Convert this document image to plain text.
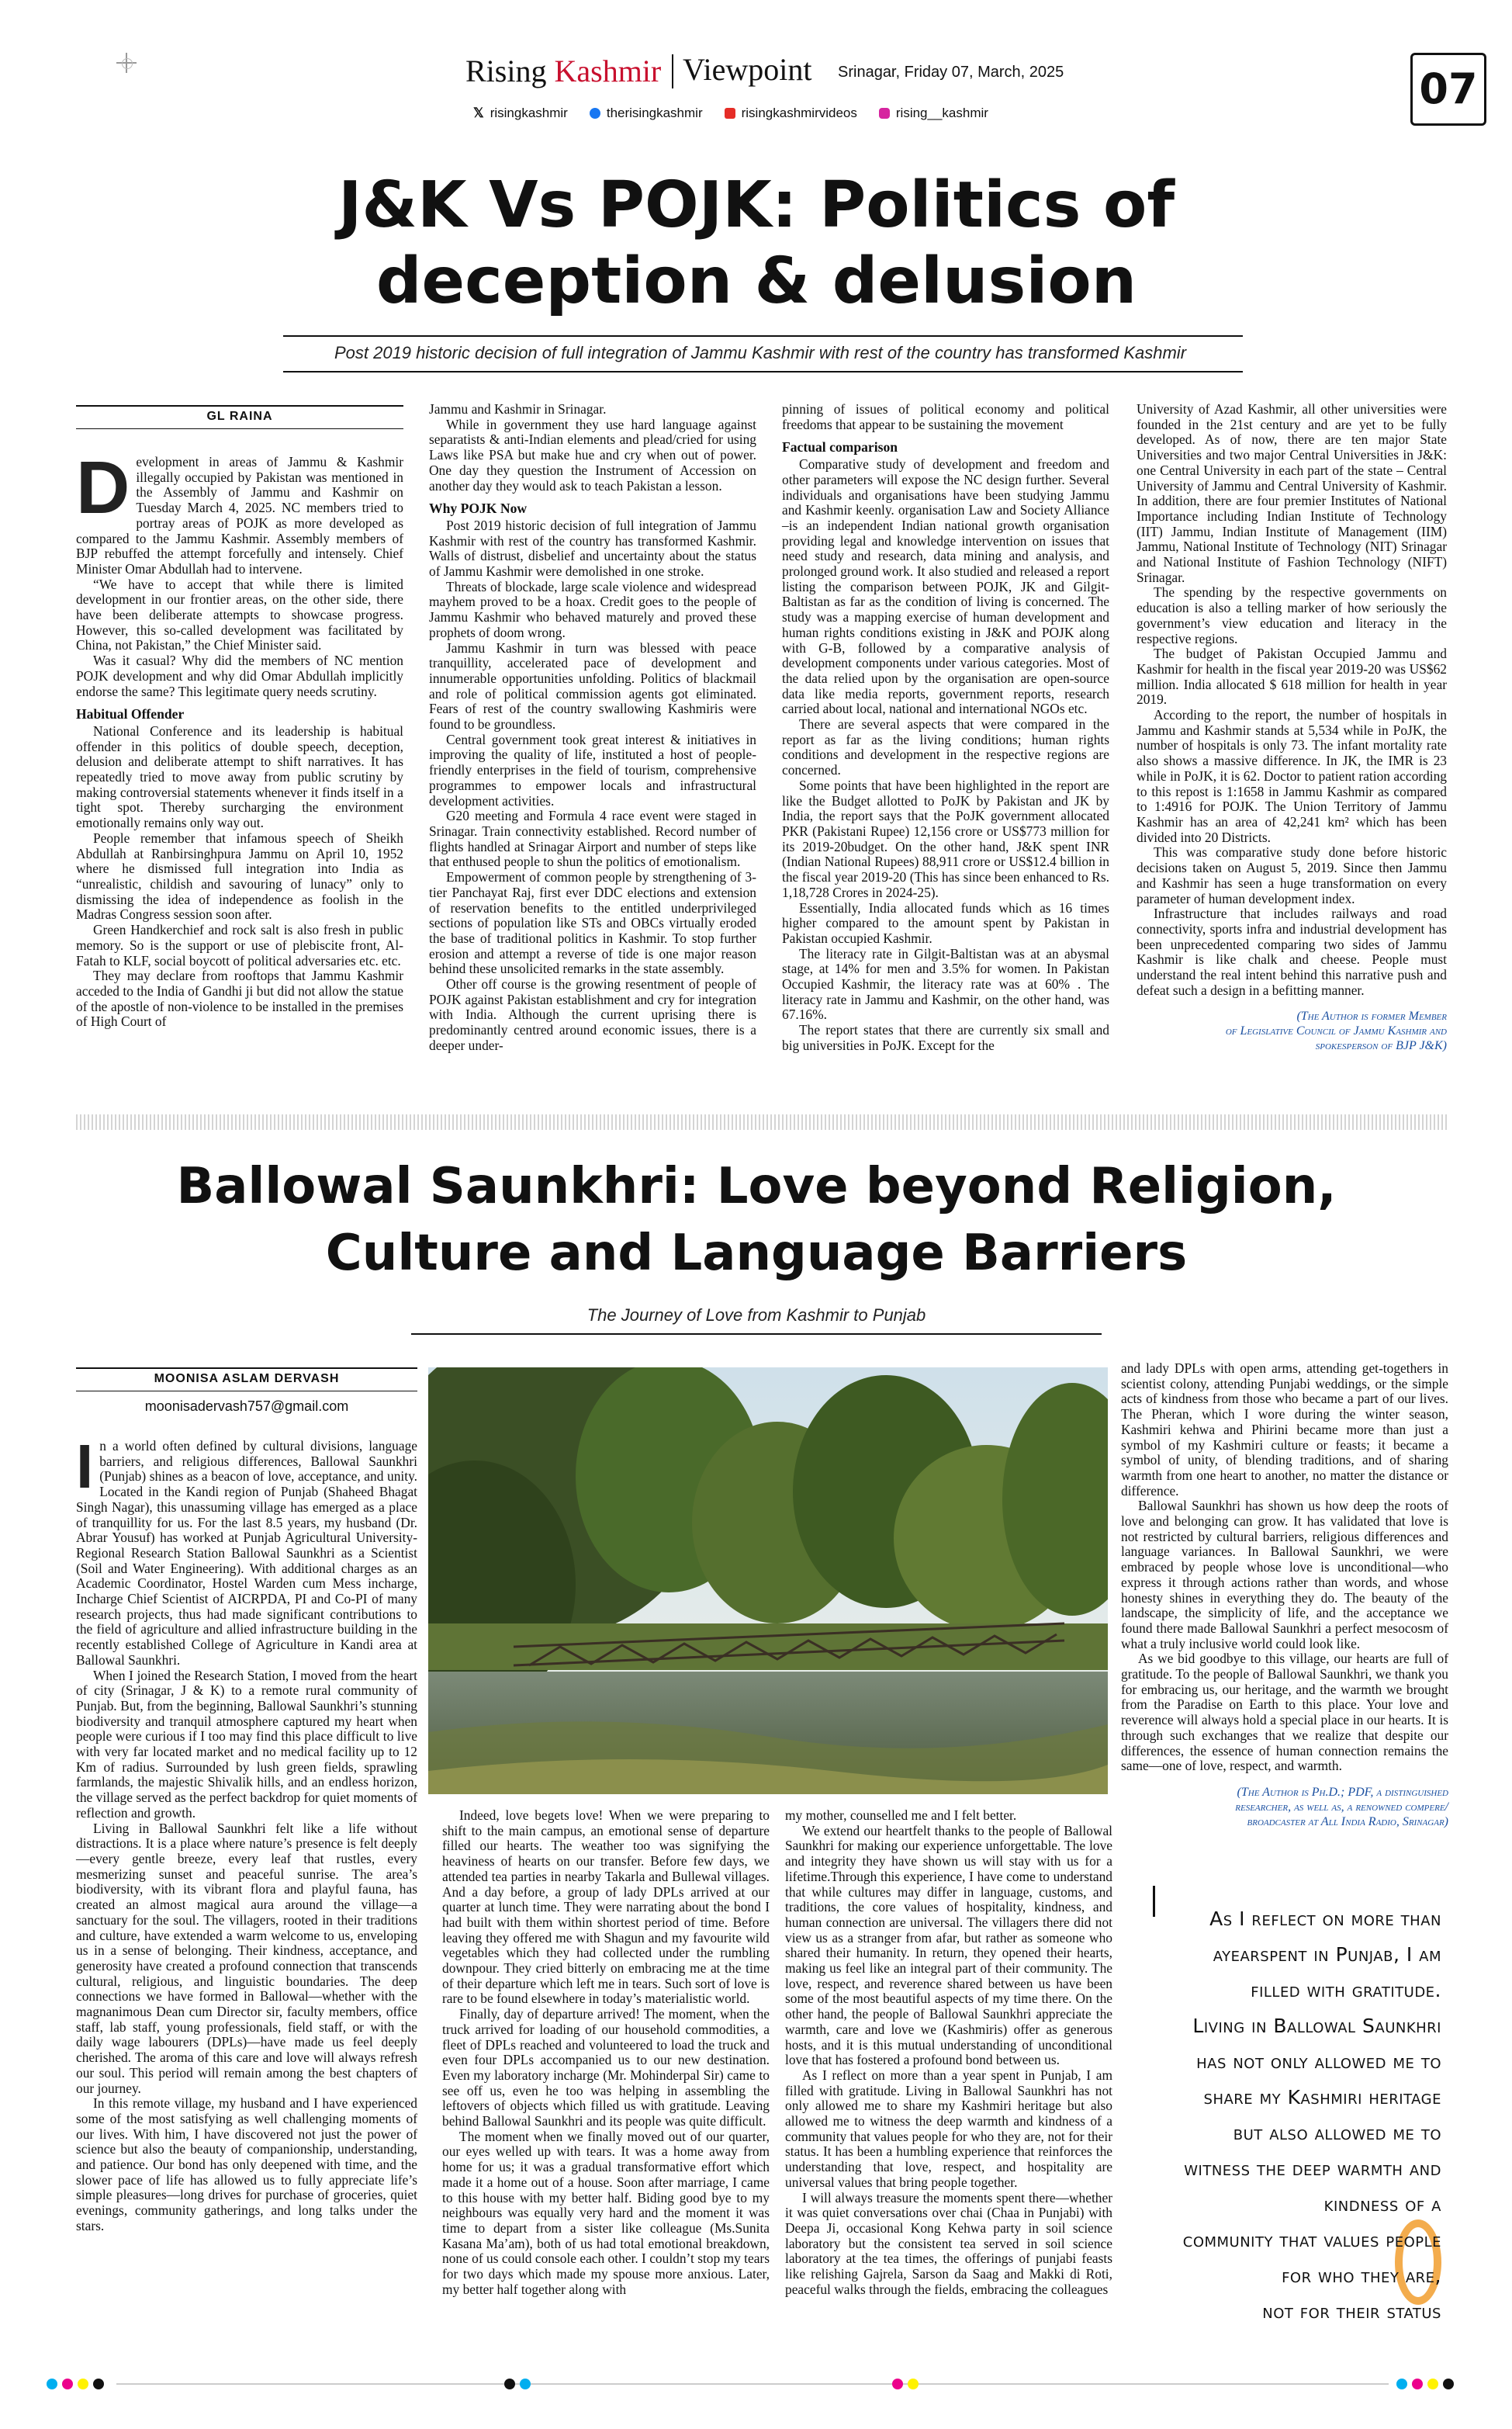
Rising Kashmir Viewpoint Srinagar, Friday 07, March, 2025
𝕏 risingkashmir	therisingkashmir	risingkashmirvideos	rising__kashmir	07
J&K Vs POJK: Politics of
deception & delusion
Post 2019 historic decision of full integration of Jammu Kashmir with rest of the country has transformed Kashmir
GL RAINA

Development in areas of Jammu & Kashmir illegally occupied by Pakistan was mentioned in the Assembly of Jammu and Kashmir on Tuesday March 4, 2025. NC members tried to portray areas of POJK as more developed as compared to the Jammu Kashmir. Assembly members of BJP rebuffed the attempt forcefully and intensely. Chief Minister Omar Abdullah had to intervene.

“We have to accept that while there is limited development in our frontier areas, on the other side, there have been deliberate attempts to showcase progress. However, this so-called development was facilitated by China, not Pakistan,” the Chief Minister said.

Was it casual? Why did the members of NC mention POJK development and why did Omar Abdullah implicitly endorse the same? This legitimate query needs scrutiny.

Habitual Offender

National Conference and its leadership is habitual offender in this politics of double speech, deception, delusion and deliberate attempt to shift narratives. It has repeatedly tried to move away from public scrutiny by making controversial statements whenever it finds itself in a tight spot. Thereby surcharging the environment emotionally remains only way out.

People remember that infamous speech of Sheikh Abdullah at Ranbirsinghpura Jammu on April 10, 1952 where he dismissed full integration into India as “unrealistic, childish and savouring of lunacy” only to dismissing the idea of independence as foolish in the Madras Congress session soon after.

Green Handkerchief and rock salt is also fresh in public memory. So is the support or use of plebiscite front, Al-Fatah to KLF, social boycott of political adversaries etc. etc.

They may declare from rooftops that Jammu Kashmir acceded to the India of Gandhi ji but did not allow the statue of the apostle of non-violence to be installed in the premises of High Court of

Jammu and Kashmir in Srinagar.

While in government they use hard language against separatists & anti-Indian elements and plead/cried for using Laws like PSA but make hue and cry when out of power. One day they question the Instrument of Accession on another day they would ask to teach Pakistan a lesson.

Why POJK Now

Post 2019 historic decision of full integration of Jammu Kashmir with rest of the country has transformed Kashmir. Walls of distrust, disbelief and uncertainty about the status of Jammu Kashmir were demolished in one stroke.

Threats of blockade, large scale violence and widespread mayhem proved to be a hoax. Credit goes to the people of Jammu Kashmir who behaved maturely and proved these prophets of doom wrong.

Jammu Kashmir in turn was blessed with peace tranquillity, accelerated pace of development and innumerable opportunities unfolding. Politics of blackmail and role of political commission agents got eliminated. Fears of rest of the country swallowing Kashmiris were found to be groundless.

Central government took great interest & initiatives in improving the quality of life, instituted a host of people-friendly enterprises in the field of tourism, comprehensive programmes to empower locals and infrastructural development activities.

G20 meeting and Formula 4 race event were staged in Srinagar. Train connectivity established. Record number of flights handled at Srinagar Airport and number of steps like that enthused people to shun the politics of emotionalism.

Empowerment of common people by strengthening of 3-tier Panchayat Raj, first ever DDC elections and extension of reservation benefits to the entitled underprivileged sections of population like STs and OBCs virtually eroded the base of traditional politics in Kashmir. To stop further erosion and attempt a reverse of tide is one major reason behind these unsolicited remarks in the state assembly.

Other off course is the growing resentment of people of POJK against Pakistan establishment and cry for integration with India. Although the current uprising there is predominantly centred around economic issues, there is a deeper under-

pinning of issues of political economy and political freedoms that appear to be sustaining the movement

Factual comparison

Comparative study of development and freedom and other parameters will expose the NC design further. Several individuals and organisations have been studying Jammu and Kashmir keenly. organisation Law and Society Alliance –is an independent Indian national growth organisation providing legal and knowledge intervention on issues that need study and research, data mining and analysis, and prolonged ground work. It also studied and released a report listing the comparison between POJK, JK and Gilgit-Baltistan as far as the condition of living is concerned. The study was a mapping exercise of human development and human rights conditions existing in J&K and POJK along with G-B, followed by a comparative analysis of development components under various categories. Most of the data relied upon by the organisation are open-source data like media reports, government reports, research carried about local, national and international NGOs etc.

There are several aspects that were compared in the report as far as the living conditions; human rights conditions and development in the respective regions are concerned.

Some points that have been highlighted in the report are like the Budget allotted to PoJK by Pakistan and JK by India, the report says that the PoJK government allocated PKR (Pakistani Rupee) 12,156 crore or US$773 million for its 2019-20budget. On the other hand, J&K spent INR (Indian National Rupees) 88,911 crore or US$12.4 billion in the fiscal year 2019-20 (This has since been enhanced to Rs. 1,18,728 Crores in 2024-25).

Essentially, India allocated funds which as 16 times higher compared to the amount spent by Pakistan in Pakistan occupied Kashmir.

The literacy rate in Gilgit-Baltistan was at an abysmal stage, at 14% for men and 3.5% for women. In Pakistan Occupied Kashmir, the literacy rate was at 60% . The literacy rate in Jammu and Kashmir, on the other hand, was 67.16%.

The report states that there are currently six small and big universities in PoJK. Except for the

University of Azad Kashmir, all other universities were founded in the 21st century and are yet to be fully developed. As of now, there are ten major State Universities and two major Central Universities in J&K: one Central University in each part of the state – Central University of Jammu and Central University of Kashmir. In addition, there are four premier Institutes of National Importance including Indian Institute of Technology (IIT) Jammu, Indian Institute of Management (IIM) Jammu, National Institute of Technology (NIT) Srinagar and National Institute of Fashion Technology (NIFT) Srinagar.

The spending by the respective governments on education is also a telling marker of how seriously the government’s view education and literacy in the respective regions.

The budget of Pakistan Occupied Jammu and Kashmir for health in the fiscal year 2019-20 was US$62 million. India allocated $ 618 million for health in year 2019.

According to the report, the number of hospitals in Jammu and Kashmir stands at 5,534 while in PoJK, the number of hospitals is only 73. The infant mortality rate also shows a massive difference. In JK, the IMR is 23 while in PoJK, it is 62. Doctor to patient ration according to this repost is 1:1658 in Jammu Kashmir as compared to 1:4916 for POJK. The Union Territory of Jammu Kashmir has an area of 42,241 km² which has been divided into 20 Districts.

This was comparative study done before historic decisions taken on August 5, 2019. Since then Jammu and Kashmir has seen a huge transformation on every parameter of human development index.

Infrastructure that includes railways and road connectivity, sports infra and industrial development has been unprecedented comparing two sides of Jammu Kashmir is like chalk and cheese. People must understand the real intent behind this narrative push and defeat such a design in a befitting manner.

(The Author is former Member
of Legislative Council of Jammu Kashmir and
spokesperson of BJP J&K)
Ballowal Saunkhri: Love beyond Religion,
Culture and Language Barriers
The Journey of Love from Kashmir to Punjab
MOONISA ASLAM DERVASH
moonisadervash757@gmail.com

In a world often defined by cultural divisions, language barriers, and religious differences, Ballowal Saunkhri (Punjab) shines as a beacon of love, acceptance, and unity. Located in the Kandi region of Punjab (Shaheed Bhagat Singh Nagar), this unassuming village has emerged as a place of tranquillity for us. For the last 8.5 years, my husband (Dr. Abrar Yousuf) has worked at Punjab Agricultural University-Regional Research Station Ballowal Saunkhri as a Scientist (Soil and Water Engineering). With additional charges as an Academic Coordinator, Hostel Warden cum Mess incharge, Incharge Chief Scientist of AICRPDA, PI and Co-PI of many research projects, thus had made significant contributions to the field of agriculture and allied infrastructure building in the recently established College of Agriculture in Kandi area at Ballowal Saunkhri.

When I joined the Research Station, I moved from the heart of city (Srinagar, J & K) to a remote rural community of Punjab. But, from the beginning, Ballowal Saunkhri’s stunning biodiversity and tranquil atmosphere captured my heart when people were curious if I too may find this place difficult to live with very far located market and no medical facility up to 12 Km of radius. Surrounded by lush green fields, sprawling farmlands, the majestic Shivalik hills, and an endless horizon, the village served as the perfect backdrop for quiet moments of reflection and growth.

Living in Ballowal Saunkhri felt like a life without distractions. It is a place where nature’s presence is felt deeply—every gentle breeze, every leaf that rustles, every mesmerizing sunset and peaceful sunrise. The area’s biodiversity, with its vibrant flora and playful fauna, has created an almost magical aura around the village—a sanctuary for the soul. The villagers, rooted in their traditions and culture, have extended a warm welcome to us, enveloping us in a sense of belonging. Their kindness, acceptance, and generosity have created a profound connection that transcends cultural, religious, and linguistic boundaries. The deep connections we have formed in Ballowal—whether with the magnanimous Dean cum Director sir, faculty members, office staff, lab staff, young professionals, field staff, or with the daily wage labourers (DPLs)—have made us feel deeply cherished. The aroma of this care and love will always refresh our soul. This period will remain among the best chapters of our journey.

In this remote village, my husband and I have experienced some of the most satisfying as well challenging moments of our lives. With him, I have discovered not just the power of science but also the beauty of companionship, understanding, and patience. Our bond has only deepened with time, and the slower pace of life has allowed us to fully appreciate life’s simple pleasures—long drives for purchase of groceries, quiet evenings, community gatherings, and long talks under the stars.

Indeed, love begets love! When we were preparing to shift to the main campus, an emotional sense of departure filled our hearts. The weather too was signifying the heaviness of hearts on our transfer. Before few days, we attended tea parties in nearby Takarla and Bullewal villages. And a day before, a group of lady DPLs arrived at our quarter at lunch time. They were narrating about the bond I had built with them within shortest period of time. Before leaving they offered me with Shagun and my favourite wild vegetables which they had collected under the rumbling downpour. They cried bitterly on embracing me at the time of their departure which left me in tears. Such sort of love is rare to be found elsewhere in today’s materialistic world.

Finally, day of departure arrived! The moment, when the truck arrived for loading of our household commodities, a fleet of DPLs reached and volunteered to load the truck and even four DPLs accompanied us to our new destination. Even my laboratory incharge (Mr. Mohinderpal Sir) came to see off us, even he too was helping in assembling the leftovers of objects which filled us with gratitude. Leaving behind Ballowal Saunkhri and its people was quite difficult.

The moment when we finally moved out of our quarter, our eyes welled up with tears. It was a home away from home for us; it was a gradual transformative effort which made it a home out of a house. Soon after marriage, I came to this house with my better half. Biding good bye to my neighbours was equally very hard and the moment it was time to depart from a sister like colleague (Ms.Sunita Kasana Ma’am), both of us had total emotional breakdown, none of us could console each other. I couldn’t stop my tears for two days which made my spouse more anxious. Later, my better half together along with

my mother, counselled me and I felt better.

We extend our heartfelt thanks to the people of Ballowal Saunkhri for making our experience unforgettable. The love and integrity they have shown us will stay with us for a lifetime.Through this experience, I have come to understand that while cultures may differ in language, customs, and traditions, the core values of hospitality, kindness, and human connection are universal. The villagers there did not view us as a stranger from afar, but rather as someone who shared their humanity. In return, they opened their hearts, making us feel like an integral part of their community. The love, respect, and reverence shared between us have been some of the most beautiful aspects of my time there. On the other hand, the people of Ballowal Saunkhri appreciate the warmth, care and love we (Kashmiris) offer as generous hosts, and it is this mutual understanding of unconditional love that has fostered a profound bond between us.

As I reflect on more than a year spent in Punjab, I am filled with gratitude. Living in Ballowal Saunkhri has not only allowed me to share my Kashmiri heritage but also allowed me to witness the deep warmth and kindness of a community that values people for who they are, not for their status. It has been a humbling experience that reinforces the understanding that love, respect, and hospitality are universal values that bring people together.

I will always treasure the moments spent there—whether it was quiet conversations over chai (Chaa in Punjabi) with Deepa Ji, occasional Kong Kehwa party in soil science laboratory but the consistent tea served in soil science laboratory at the tea times, the offerings of punjabi feasts like relishing Gajrela, Sarson da Saag and Makki di Roti, peaceful walks through the fields, embracing the colleagues

and lady DPLs with open arms, attending get-togethers in scientist colony, attending Punjabi weddings, or the simple acts of kindness from those who became a part of our lives. The Pheran, which I wore during the winter season, Kashmiri kehwa and Phirini became more than just a symbol of my Kashmiri culture or feasts; it became a symbol of unity, of blending traditions, and of sharing warmth from one heart to another, no matter the distance or difference.

Ballowal Saunkhri has shown us how deep the roots of love and belonging can grow. It has validated that love is not restricted by cultural barriers, religious differences and language variances. In Ballowal Saunkhri, we were embraced by people whose love is unconditional—who express it through actions rather than words, and whose honesty shines in everything they do. The beauty of the landscape, the simplicity of life, and the acceptance we found there made Ballowal Saunkhri a perfect mesocosm of what a truly inclusive world could look like.

As we bid goodbye to this village, our hearts are full of gratitude. To the people of Ballowal Saunkhri, we thank you for embracing us, our heritage, and the warmth we brought from the Paradise on Earth to this place. Your love and reverence will always hold a special place in our hearts. It is through such exchanges that we realize that despite our differences, the essence of human connection remains the same—one of love, respect, and warmth.

(The Author is Ph.D.; PDF, a distinguished
researcher, as well as, a renowned compere/
broadcaster at All India Radio, Srinagar)
As I reflect on more than
ayearspent in Punjab, I am
filled with gratitude.
Living in Ballowal Saunkhri
has not only allowed me to
share my Kashmiri heritage
but also allowed me to
witness the deep warmth and
kindness of a
community that values people
for who they are,
not for their status
